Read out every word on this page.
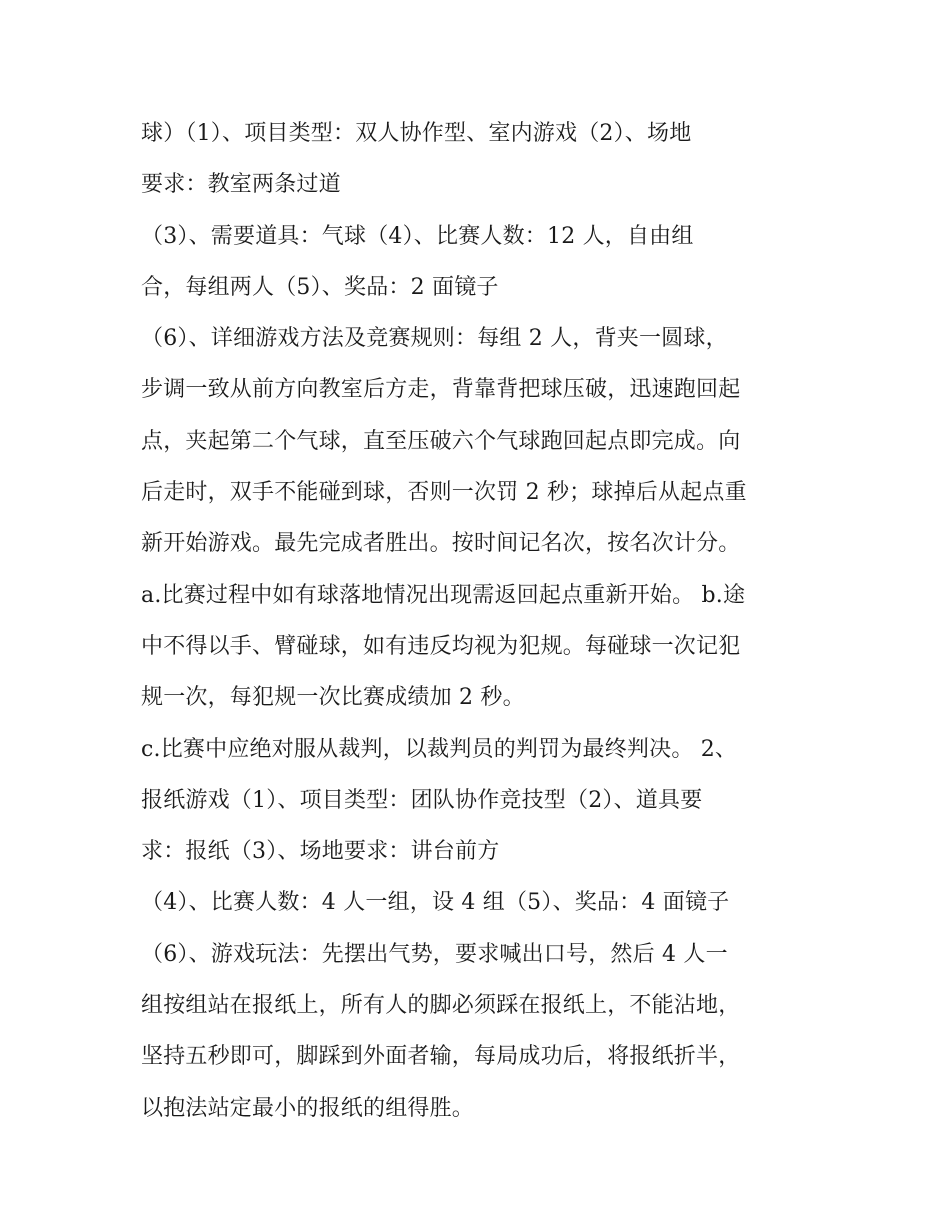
球）（1）、项目类型：双人协作型、室内游戏（2）、场地
要求：教室两条过道
（3）、需要道具：气球（4）、比赛人数：12 人，自由组
合，每组两人（5）、奖品：2 面镜子
（6）、详细游戏方法及竞赛规则：每组 2 人，背夹一圆球，
步调一致从前方向教室后方走，背靠背把球压破，迅速跑回起
点，夹起第二个气球，直至压破六个气球跑回起点即完成。向
后走时，双手不能碰到球，否则一次罚 2 秒；球掉后从起点重
新开始游戏。最先完成者胜出。按时间记名次，按名次计分。
a.比赛过程中如有球落地情况出现需返回起点重新开始。 b.途
中不得以手、臂碰球，如有违反均视为犯规。每碰球一次记犯
规一次，每犯规一次比赛成绩加 2 秒。
c.比赛中应绝对服从裁判，以裁判员的判罚为最终判决。 2、
报纸游戏（1）、项目类型：团队协作竞技型（2）、道具要
求：报纸（3）、场地要求：讲台前方
（4）、比赛人数：4 人一组，设 4 组（5）、奖品：4 面镜子
（6）、游戏玩法：先摆出气势，要求喊出口号，然后 4 人一
组按组站在报纸上，所有人的脚必须踩在报纸上，不能沾地，
坚持五秒即可，脚踩到外面者输，每局成功后，将报纸折半，
以抱法站定最小的报纸的组得胜。
